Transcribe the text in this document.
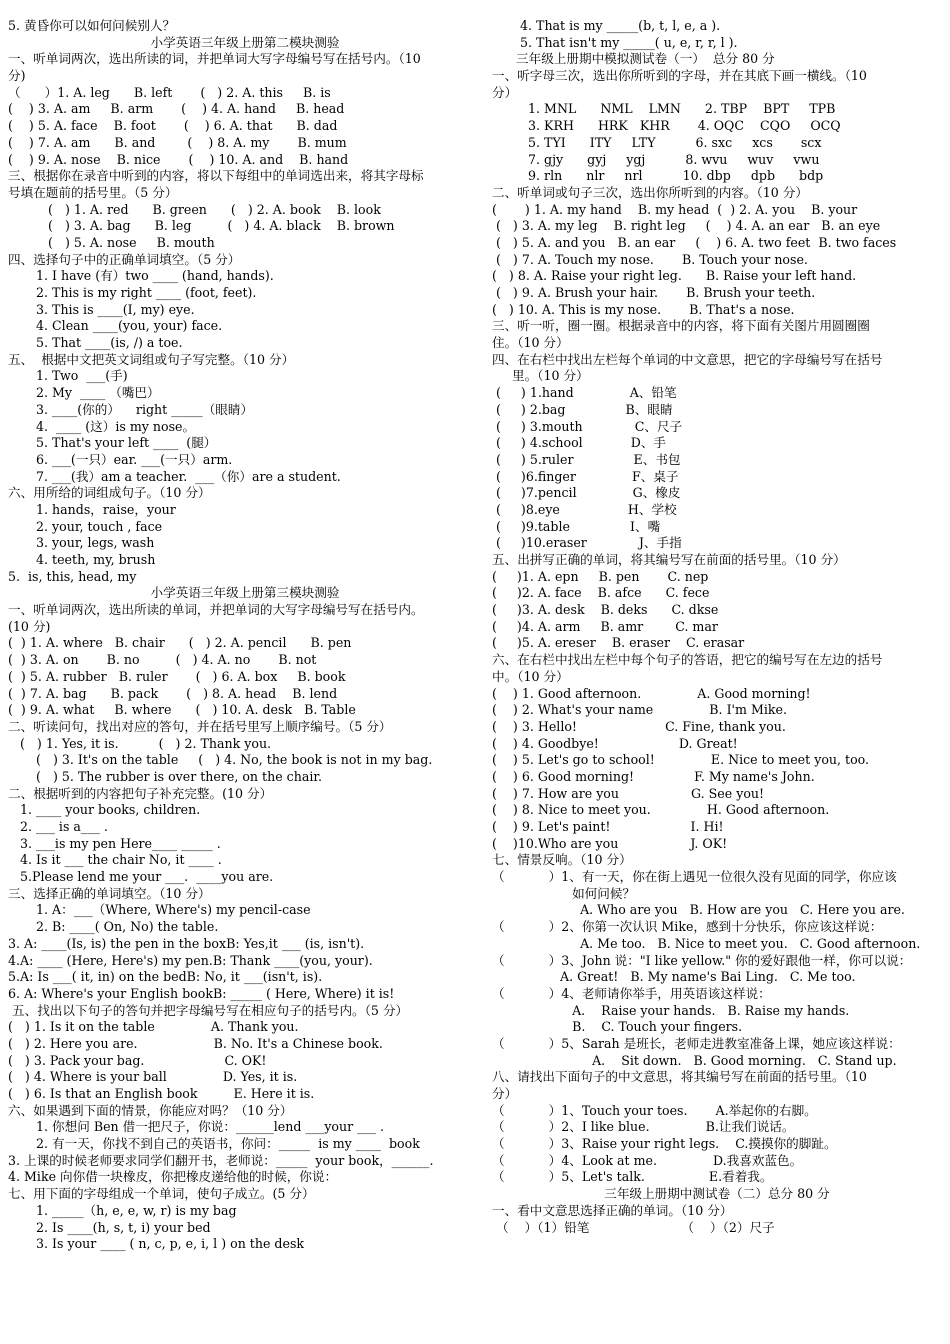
5. 黄昏你可以如何问候别人？
小学英语三年级上册第二模块测验
一、听单词两次，选出所读的词，并把单词大写字母编号写在括号内。（10
分)
（      ）1. A. leg      B. left       (   ) 2. A. this     B. is
(    ) 3. A. am     B. arm       (    ) 4. A. hand     B. head
(    ) 5. A. face    B. foot       (    ) 6. A. that      B. dad
(    ) 7. A. am      B. and        (    ) 8. A. my       B. mum
(    ) 9. A. nose    B. nice       (    ) 10. A. and    B. hand
三、根据你在录音中听到的内容，将以下每组中的单词选出来，将其字母标
号填在题前的括号里。（5 分）
(   ) 1. A. red      B. green      (   ) 2. A. book    B. look
(   ) 3. A. bag      B. leg         (   ) 4. A. black    B. brown
(   ) 5. A. nose     B. mouth
四、选择句子中的正确单词填空。（5 分）
1. I have (有）two ____ (hand, hands).
2. This is my right ____ (foot, feet).
3. This is ____(I, my) eye.
4. Clean ____(you, your) face.
5. That ____(is, /) a toe.
五、  根据中文把英文词组或句子写完整。（10 分）
1. Two  ___(手)
2. My  ____ （嘴巴）
3. ____(你的）    right _____（眼睛）
4.  ____ (这）is my nose。
5. That's your left ____  (腿）
6. ___(一只）ear. ___(一只）arm.
7. ___(我）am a teacher.  ___（你）are a student.
六、用所给的词组成句子。（10 分）
1. hands，raise，your
2. your, touch , face
3. your, legs, wash
4. teeth, my, brush
5.  is, this, head, my
小学英语三年级上册第三模块测验
一、听单词两次，选出所读的单词，并把单词的大写字母编号写在括号内。
(10 分)
(  ) 1. A. where   B. chair      (   ) 2. A. pencil      B. pen
(  ) 3. A. on       B. no         (   ) 4. A. no       B. not
(  ) 5. A. rubber   B. ruler       (   ) 6. A. box     B. book
(  ) 7. A. bag      B. pack       (   ) 8. A. head    B. lend
(  ) 9. A. what     B. where      (   ) 10. A. desk   B. Table
二、听读问句，找出对应的答句，并在括号里写上顺序编号。（5 分）
(   ) 1. Yes, it is.          (   ) 2. Thank you.
(   ) 3. It's on the table     (   ) 4. No, the book is not in my bag.
(   ) 5. The rubber is over there, on the chair.
二、根据听到的内容把句子补充完整。(10 分）
1. ____ your books, children.
2. ___ is a___ .
3. ___is my pen Here____ _____ .
4. Is it ___ the chair No, it ____ .
5.Please lend me your ___.  ____you are.
三、选择正确的单词填空。（10 分）
1. A：___（Where, Where's) my pencil-case
2. B: ____( On, No) the table.
3. A: ____(Is, is) the pen in the boxB: Yes,it ___ (is, isn't).
4.A: ____ (Here, Here's) my pen.B: Thank ____(you, your).
5.A: Is ___( it, in) on the bedB: No, it ___(isn't, is).
6. A: Where's your English bookB: _____ ( Here, Where) it is!
五、找出以下句子的答句并把字母编号写在相应句子的括号内。（5 分）
(   ) 1. Is it on the table              A. Thank you.
(   ) 2. Here you are.                   B. No. It's a Chinese book.
(   ) 3. Pack your bag.                    C. OK!
(   ) 4. Where is your ball              D. Yes, it is.
(   ) 6. Is that an English book         E. Here it is.
六、如果遇到下面的情景，你能应对吗？（10 分）
1. 你想问 Ben 借一把尺子，你说：______lend ___your ___ .
2. 有一天，你找不到自己的英语书，你问：_____  is my ____  book
3. 上课的时候老师要求同学们翻开书，老师说：_____  your book，______.
4. Mike 向你借一块橡皮，你把橡皮递给他的时候，你说：
七、用下面的字母组成一个单词，使句子成立。(5 分）
1. _____（h, e, e, w, r) is my bag
2. Is ____(h, s, t, i) your bed
3. Is your ____ ( n, c, p, e, i, l ) on the desk
4. That is my _____(b, t, l, e, a ).
5. That isn't my _____( u, e, r, r, l ).
三年级上册期中模拟测试卷（一）  总分 80 分
一、听字母三次，选出你所听到的字母，并在其底下画一横线。（10
分）
1. MNL      NML    LMN      2. TBP    BPT     TPB
3. KRH      HRK   KHR       4. OQC    CQO     OCQ
5. TYI      ITY     LTY          6. sxc     xcs       scx
7. gjy      gyj     ygj          8. wvu     wuv     vwu
9. rln      nlr     nrl          10. dbp     dpb      bdp
二、听单词或句子三次，选出你所听到的内容。（10 分）
(       ) 1. A. my hand    B. my head  (  ) 2. A. you    B. your
(   ) 3. A. my leg    B. right leg     (    ) 4. A. an ear   B. an eye
(   ) 5. A. and you   B. an ear     (    ) 6. A. two feet  B. two faces
(   ) 7. A. Touch my nose.       B. Touch your nose.
(   ) 8. A. Raise your right leg.      B. Raise your left hand.
(   ) 9. A. Brush your hair.       B. Brush your teeth.
(   ) 10. A. This is my nose.       B. That's a nose.
三、听一听，圈一圈。根据录音中的内容，将下面有关图片用圆圈圈
住。（10 分）
四、在右栏中找出左栏每个单词的中文意思，把它的字母编号写在括号
里。（10 分）
(     ) 1.hand              A、铅笔
(     ) 2.bag               B、眼睛
(     ) 3.mouth             C、尺子
(     ) 4.school            D、手
(     ) 5.ruler               E、书包
(     )6.finger              F、桌子
(     )7.pencil              G、橡皮
(     )8.eye                 H、学校
(     )9.table               I、嘴
(     )10.eraser             J、手指
五、出拼写正确的单词，将其编号写在前面的括号里。（10 分）
(     )1. A. epn     B. pen       C. nep
(     )2. A. face    B. afce      C. fece
(     )3. A. desk    B. deks      C. dkse
(     )4. A. arm     B. amr        C. mar
(     )5. A. ereser    B. eraser    C. erasar
六、在右栏中找出左栏中每个句子的答语，把它的编号写在左边的括号
中。（10 分）
(    ) 1. Good afternoon.              A. Good morning!
(    ) 2. What's your name              B. I'm Mike.
(    ) 3. Hello!                      C. Fine, thank you.
(    ) 4. Goodbye!                    D. Great!
(    ) 5. Let's go to school!              E. Nice to meet you, too.
(    ) 6. Good morning!               F. My name's John.
(    ) 7. How are you                  G. See you!
(    ) 8. Nice to meet you.              H. Good afternoon.
(    ) 9. Let's paint!                    I. Hi!
(    )10.Who are you                  J. OK!
七、情景反响。（10 分）
（           ）1、有一天，你在街上遇见一位很久没有见面的同学，你应该
如何问候？
A. Who are you   B. How are you   C. Here you are.
（           ）2、你第一次认识 Mike，感到十分快乐，你应该这样说：
A. Me too.   B. Nice to meet you.   C. Good afternoon.
（           ）3、John 说："I like yellow." 你的爱好跟他一样，你可以说：
A. Great!   B. My name's Bai Ling.   C. Me too.
（           ）4、老师请你举手，用英语该这样说：
A.    Raise your hands.   B. Raise my hands.
B.    C. Touch your fingers.
（           ）5、Sarah 是班长，老师走进教室准备上课，她应该这样说：
A.    Sit down.   B. Good morning.   C. Stand up.
八、请找出下面句子的中文意思，将其编号写在前面的括号里。（10
分）
（           ）1、Touch your toes.       A.举起你的右脚。
（           ）2、I like blue.              B.让我们说话。
（           ）3、Raise your right legs.    C.摸摸你的脚趾。
（           ）4、Look at me.              D.我喜欢蓝色。
（           ）5、Let's talk.                E.看着我。
三年级上册期中测试卷（二）总分 80 分
一、看中文意思选择正确的单词。（10 分）
（    ）（1）铅笔                       （    ）（2）尺子
